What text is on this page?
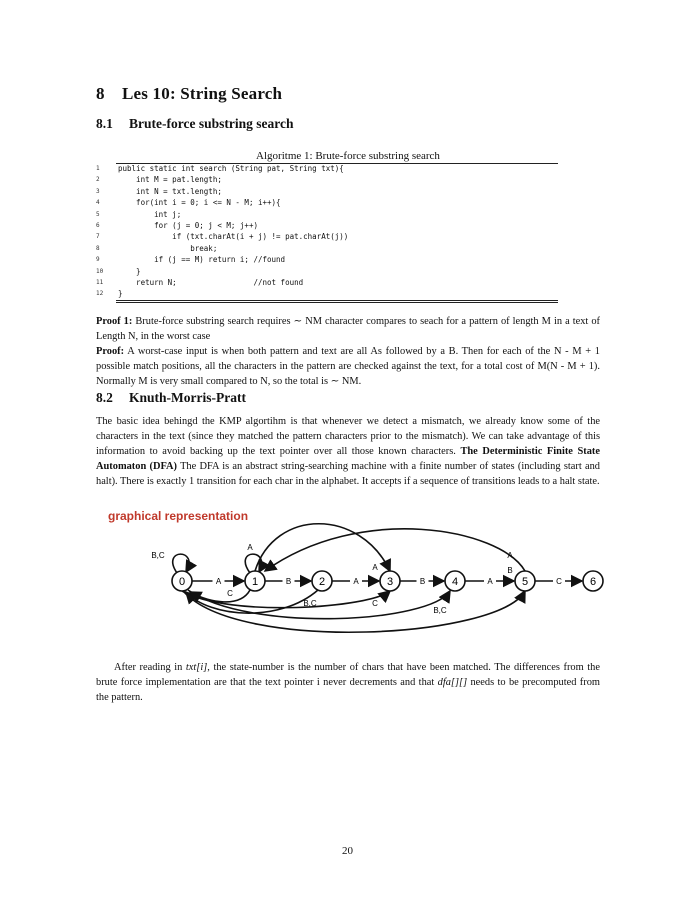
8 Les 10: String Search
8.1 Brute-force substring search
Algoritme 1: Brute-force substring search
1	public static int search (String pat, String txt){
2	int M = pat.length;
3	int N = txt.length;
4	for(int i = 0; i <= N - M; i++){
5	int j;
6	for (j = 0; j < M; j++)
7	if (txt.charAt(i + j) != pat.charAt(j))
8	break;
9	if (j == M) return i; //found
10	}
11	return N;                 //not found
12	}

Proof 1: Brute-force substring search requires ∼ NM character compares to seach for a pattern of length M in a text of Length N, in the worst case

Proof: A worst-case input is when both pattern and text are all As followed by a B. Then for each of the N - M + 1 possible match positions, all the characters in the pattern are checked against the text, for a total cost of M(N - M + 1). Normally M is very small compared to N, so the total is ∼ NM.

8.2 Knuth-Morris-Pratt

The basic idea behingd the KMP algortihm is that whenever we detect a mismatch, we already know some of the characters in the text (since they matched the pattern characters prior to the mismatch). We can take advantage of this information to avoid backing up the text pointer over all those known characters. The Deterministic Finite State Automaton (DFA) The DFA is an abstract string-searching machine with a finite number of states (including start and halt). There is exactly 1 transition for each char in the alphabet. It accepts if a sequence of transitions leads to a halt state.

graphical representation
B,C
A
A	B	A	B	A	C
C
B,C
A
C
B,C
A
B
0	1	2	3	4	5	6

After reading in txt[i], the state-number is the number of chars that have been matched. The differences from the brute force implementation are that the text pointer i never decrements and that dfa[][] needs to be precomputed from the pattern.

20
